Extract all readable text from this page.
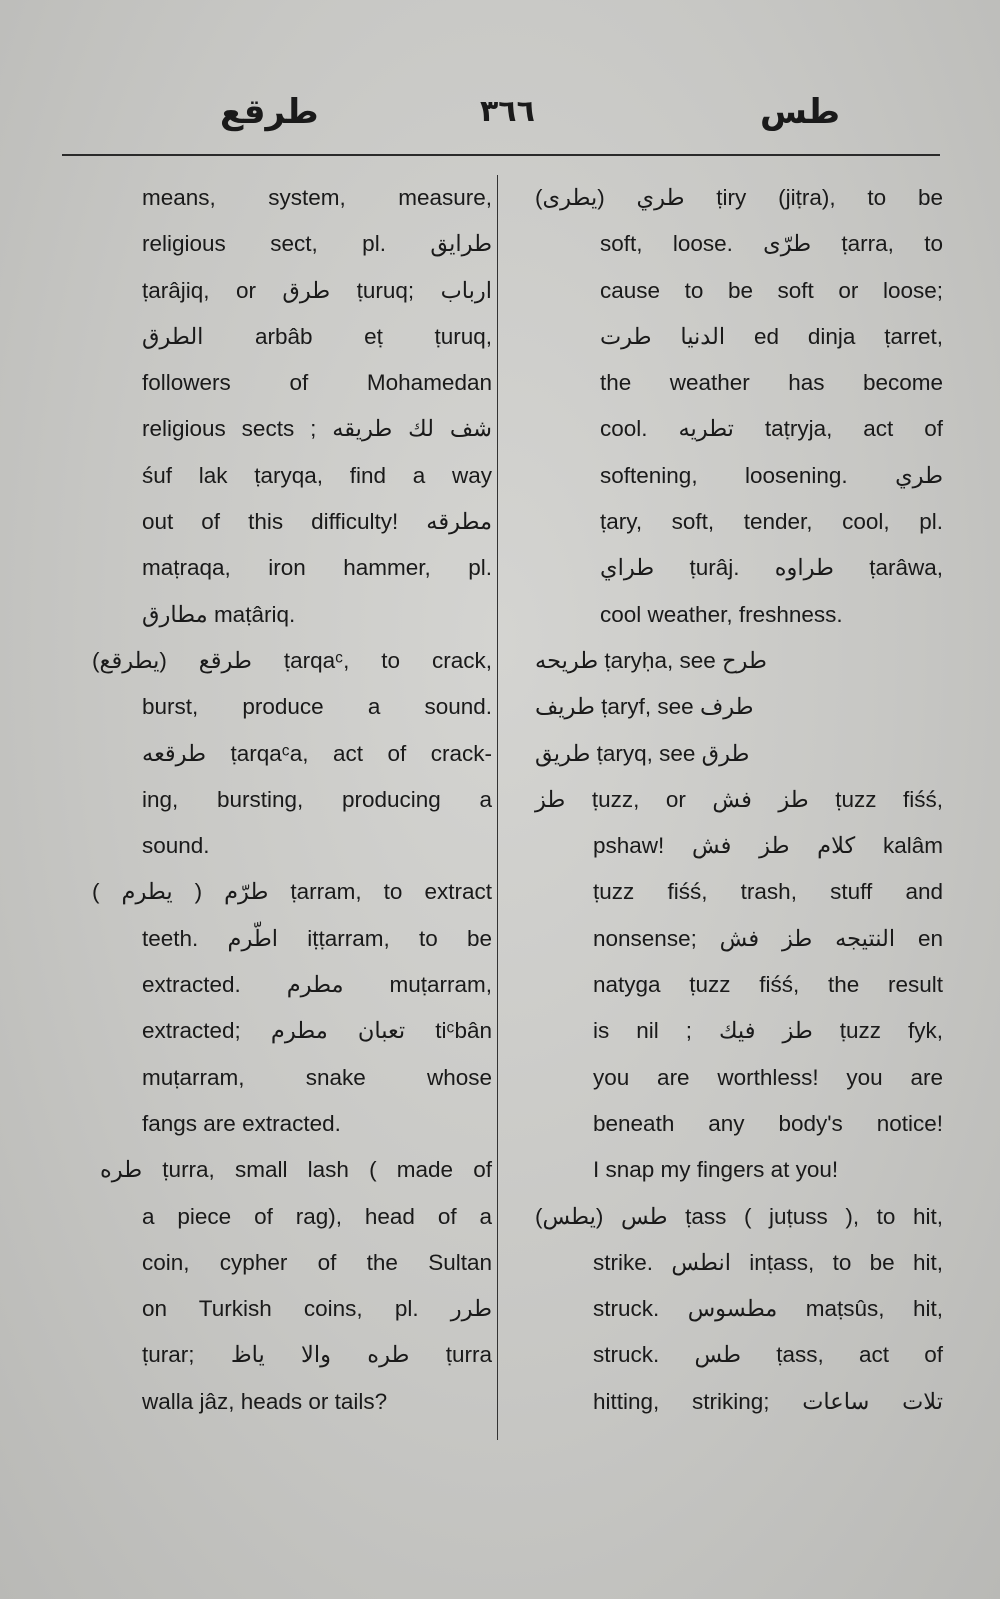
طرقع	٣٦٦	طس
means, system, measure,
religious sect, pl. طرايق
ṭarâjiq, or طرق ṭuruq; ارباب
الطرق arbâb eṭ ṭuruq,
followers of Mohamedan
religious sects ; شف لك طريقه
śuf lak ṭaryqa, find a way
out of this difficulty! مطرقه
maṭraqa, iron hammer, pl.
مطارق maṭâriq.
طرقع (يطرقع) ṭarqaᶜ, to crack,
burst, produce a sound.
طرقعه ṭarqaᶜa, act of crack-
ing, bursting, producing a
sound.
طرّم ( يطرم ) ṭarram, to extract
teeth. اطّرم iṭṭarram, to be
extracted. مطرم muṭarram,
extracted; تعبان مطرم tiᶜbân
muṭarram, snake whose
fangs are extracted.
طره ṭurra, small lash ( made of
a piece of rag), head of a
coin, cypher of the Sultan
on Turkish coins, pl. طرر
ṭurar; طره والا ياظ ṭurra
walla jâz, heads or tails?
طري (يطرى) ṭiry (jiṭra), to be
soft, loose. طرّى ṭarra, to
cause to be soft or loose;
الدنيا طرت ed dinja ṭarret,
the weather has become
cool. تطريه taṭryja, act of
softening, loosening. طري
ṭary, soft, tender, cool, pl.
طراي ṭurâj. طراوه ṭarâwa,
cool weather, freshness.
طريحه ṭaryḥa, see طرح
طريف ṭaryf, see طرف
طريق ṭaryq, see طرق
طز ṭuzz, or طز فش ṭuzz fiśś,
pshaw! كلام طز فش kalâm
ṭuzz fiśś, trash, stuff and
nonsense; النتيجه طز فش en
natyga ṭuzz fiśś, the result
is nil ; طز فيك ṭuzz fyk,
you are worthless! you are
beneath any body's notice!
I snap my fingers at you!
طس (يطس) ṭass ( juṭuss ), to hit,
strike. انطس inṭass, to be hit,
struck. مطسوس maṭsûs, hit,
struck. طس ṭass, act of
hitting, striking; تلات ساعات
